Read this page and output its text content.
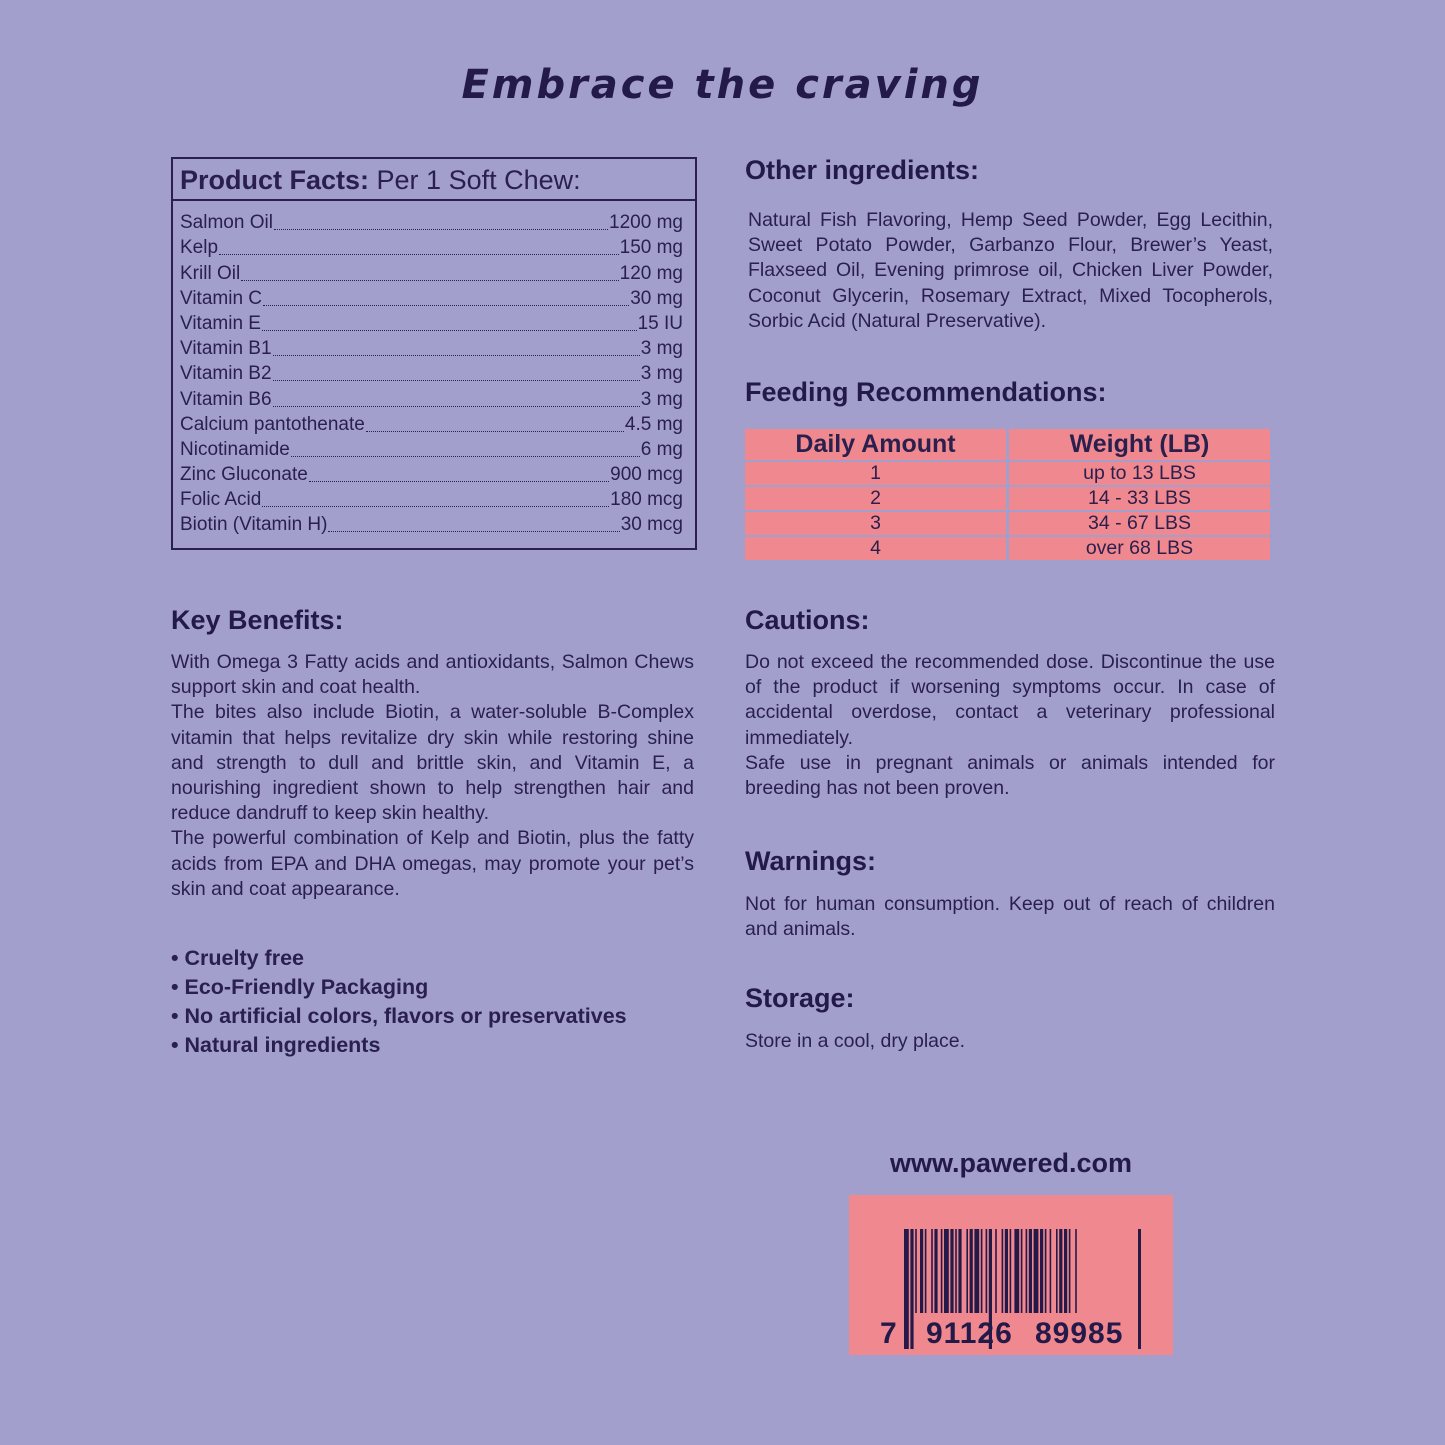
Embrace the craving
Product Facts: Per 1 Soft Chew:
Salmon Oil	1200 mg
Kelp	150 mg
Krill Oil	120 mg
Vitamin C	30 mg
Vitamin E	15 IU
Vitamin B1	3 mg
Vitamin B2	3 mg
Vitamin B6	3 mg
Calcium pantothenate	4.5 mg
Nicotinamide	6 mg
Zinc Gluconate	900 mcg
Folic Acid	180 mcg
Biotin (Vitamin H)	30 mcg
Other ingredients:
Natural Fish Flavoring, Hemp Seed Powder, Egg Lecithin, Sweet Potato Powder, Garbanzo Flour, Brewer’s Yeast, Flaxseed Oil, Evening primrose oil, Chicken Liver Powder, Coconut Glycerin, Rosemary Extract, Mixed Tocopherols, Sorbic Acid (Natural Preservative).
Feeding Recommendations:
Daily Amount	Weight (LB)
1	up to 13 LBS
2	14 - 33 LBS
3	34 - 67 LBS
4	over 68 LBS
Key Benefits:

With Omega 3 Fatty acids and antioxidants, Salmon Chews support skin and coat health.

The bites also include Biotin, a water-soluble B-Complex vitamin that helps revitalize dry skin while restoring shine and strength to dull and brittle skin, and Vitamin E, a nourishing ingredient shown to help strengthen hair and reduce dandruff to keep skin healthy.

The powerful combination of Kelp and Biotin, plus the fatty acids from EPA and DHA omegas, may promote your pet’s skin and coat appearance.

• Cruelty free
• Eco-Friendly Packaging
• No artificial colors, flavors or preservatives
• Natural ingredients
Cautions:

Do not exceed the recommended dose. Discontinue the use of the product if worsening symptoms occur. In case of accidental overdose, contact a veterinary professional immediately.

Safe use in pregnant animals or animals intended for breeding has not been proven.

Warnings:
Not for human consumption. Keep out of reach of children and animals.
Storage:
Store in a cool, dry place.
www.pawered.com
7 91126 89985
